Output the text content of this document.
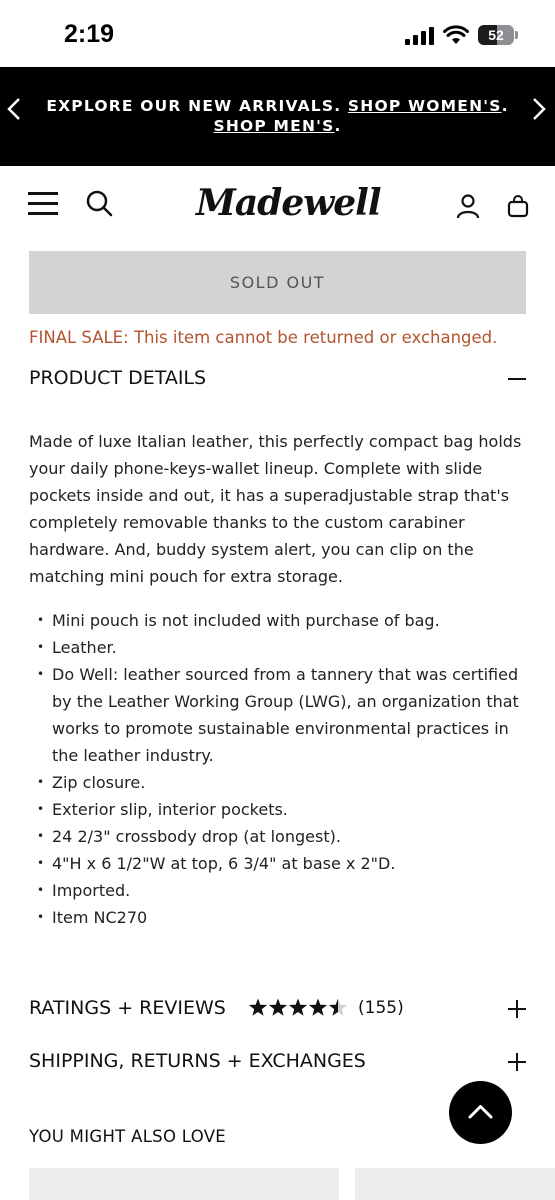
2:19	52
EXPLORE OUR NEW ARRIVALS. SHOP WOMEN'S. SHOP MEN'S.
Madewell
SOLD OUT
FINAL SALE: This item cannot be returned or exchanged.
PRODUCT DETAILS

Made of luxe Italian leather, this perfectly compact bag holds your daily phone-keys-wallet lineup. Complete with slide pockets inside and out, it has a superadjustable strap that's completely removable thanks to the custom carabiner hardware. And, buddy system alert, you can clip on the matching mini pouch for extra storage.

• Mini pouch is not included with purchase of bag.
• Leather.
• Do Well: leather sourced from a tannery that was certified by the Leather Working Group (LWG), an organization that works to promote sustainable environmental practices in the leather industry.
• Zip closure.
• Exterior slip, interior pockets.
• 24 2/3" crossbody drop (at longest).
• 4"H x 6 1/2"W at top, 6 3/4" at base x 2"D.
• Imported.
• Item NC270
RATINGS + REVIEWS	(155)
SHIPPING, RETURNS + EXCHANGES
YOU MIGHT ALSO LOVE
